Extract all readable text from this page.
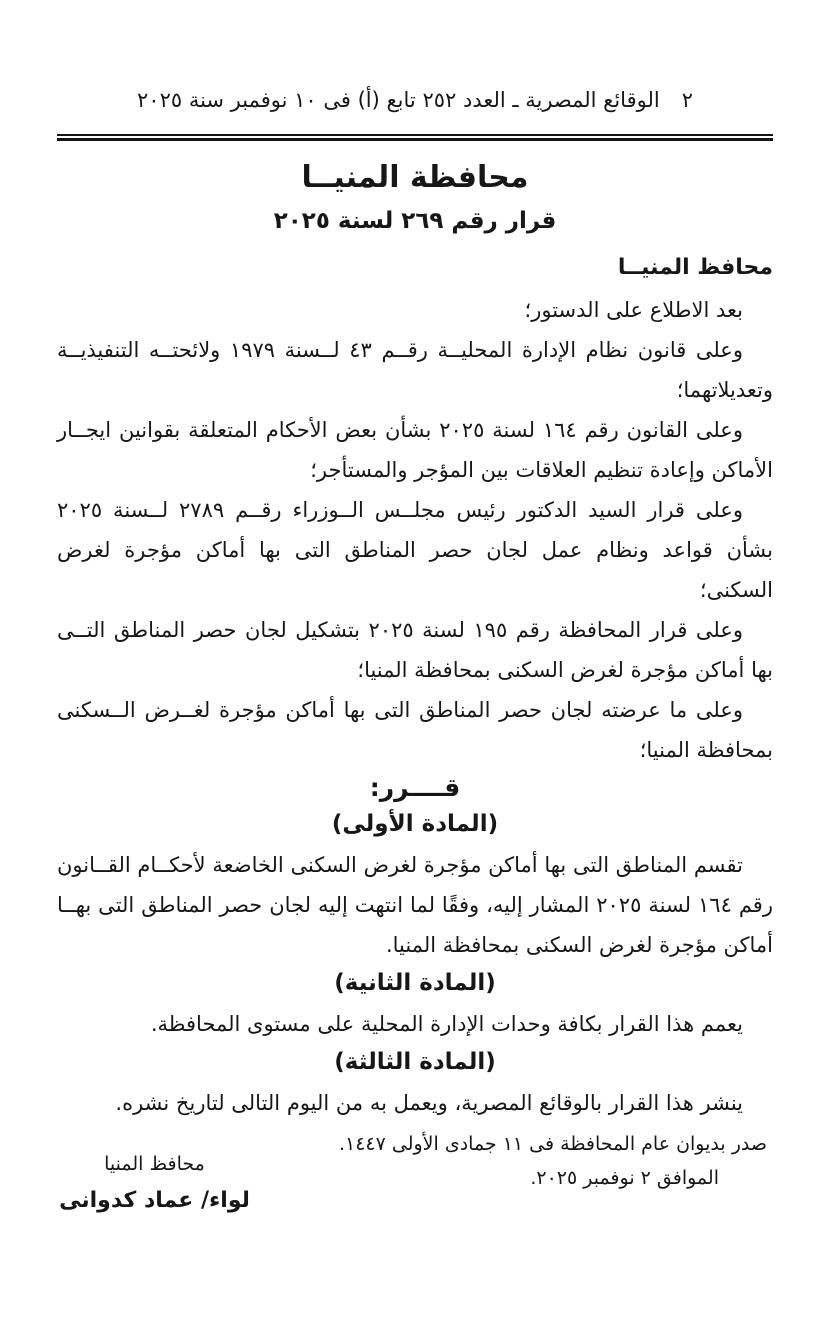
٢
الوقائع المصرية ـ العدد ٢٥٢ تابع (أ) فى ١٠ نوفمبر سنة ٢٠٢٥
محافظة المنيــا
قرار رقم ٢٦٩ لسنة ٢٠٢٥
محافظ المنيــا
بعد الاطلاع على الدستور؛
وعلى قانون نظام الإدارة المحليــة رقــم ٤٣ لــسنة ١٩٧٩ ولائحتــه التنفيذيــة
وتعديلاتهما؛
وعلى القانون رقم ١٦٤ لسنة ٢٠٢٥ بشأن بعض الأحكام المتعلقة بقوانين ايجــار
الأماكن وإعادة تنظيم العلاقات بين المؤجر والمستأجر؛
وعلى قرار السيد الدكتور رئيس مجلــس الــوزراء رقــم ٢٧٨٩ لــسنة ٢٠٢٥
بشأن قواعد ونظام عمل لجان حصر المناطق التى بها أماكن مؤجرة لغرض السكنى؛
وعلى قرار المحافظة رقم ١٩٥ لسنة ٢٠٢٥ بتشكيل لجان حصر المناطق التــى
بها أماكن مؤجرة لغرض السكنى بمحافظة المنيا؛
وعلى ما عرضته لجان حصر المناطق التى بها أماكن مؤجرة لغــرض الــسكنى
بمحافظة المنيا؛
قــــرر:
(المادة الأولى)
تقسم المناطق التى بها أماكن مؤجرة لغرض السكنى الخاضعة لأحكــام القــانون
رقم ١٦٤ لسنة ٢٠٢٥ المشار إليه، وفقًا لما انتهت إليه لجان حصر المناطق التى بهــا
أماكن مؤجرة لغرض السكنى بمحافظة المنيا.
(المادة الثانية)
يعمم هذا القرار بكافة وحدات الإدارة المحلية على مستوى المحافظة.
(المادة الثالثة)
ينشر هذا القرار بالوقائع المصرية، ويعمل به من اليوم التالى لتاريخ نشره.
صدر بديوان عام المحافظة فى ١١ جمادى الأولى ١٤٤٧.
الموافق ٢ نوفمبر ٢٠٢٥.
محافظ المنيا
لواء/ عماد كدوانى
